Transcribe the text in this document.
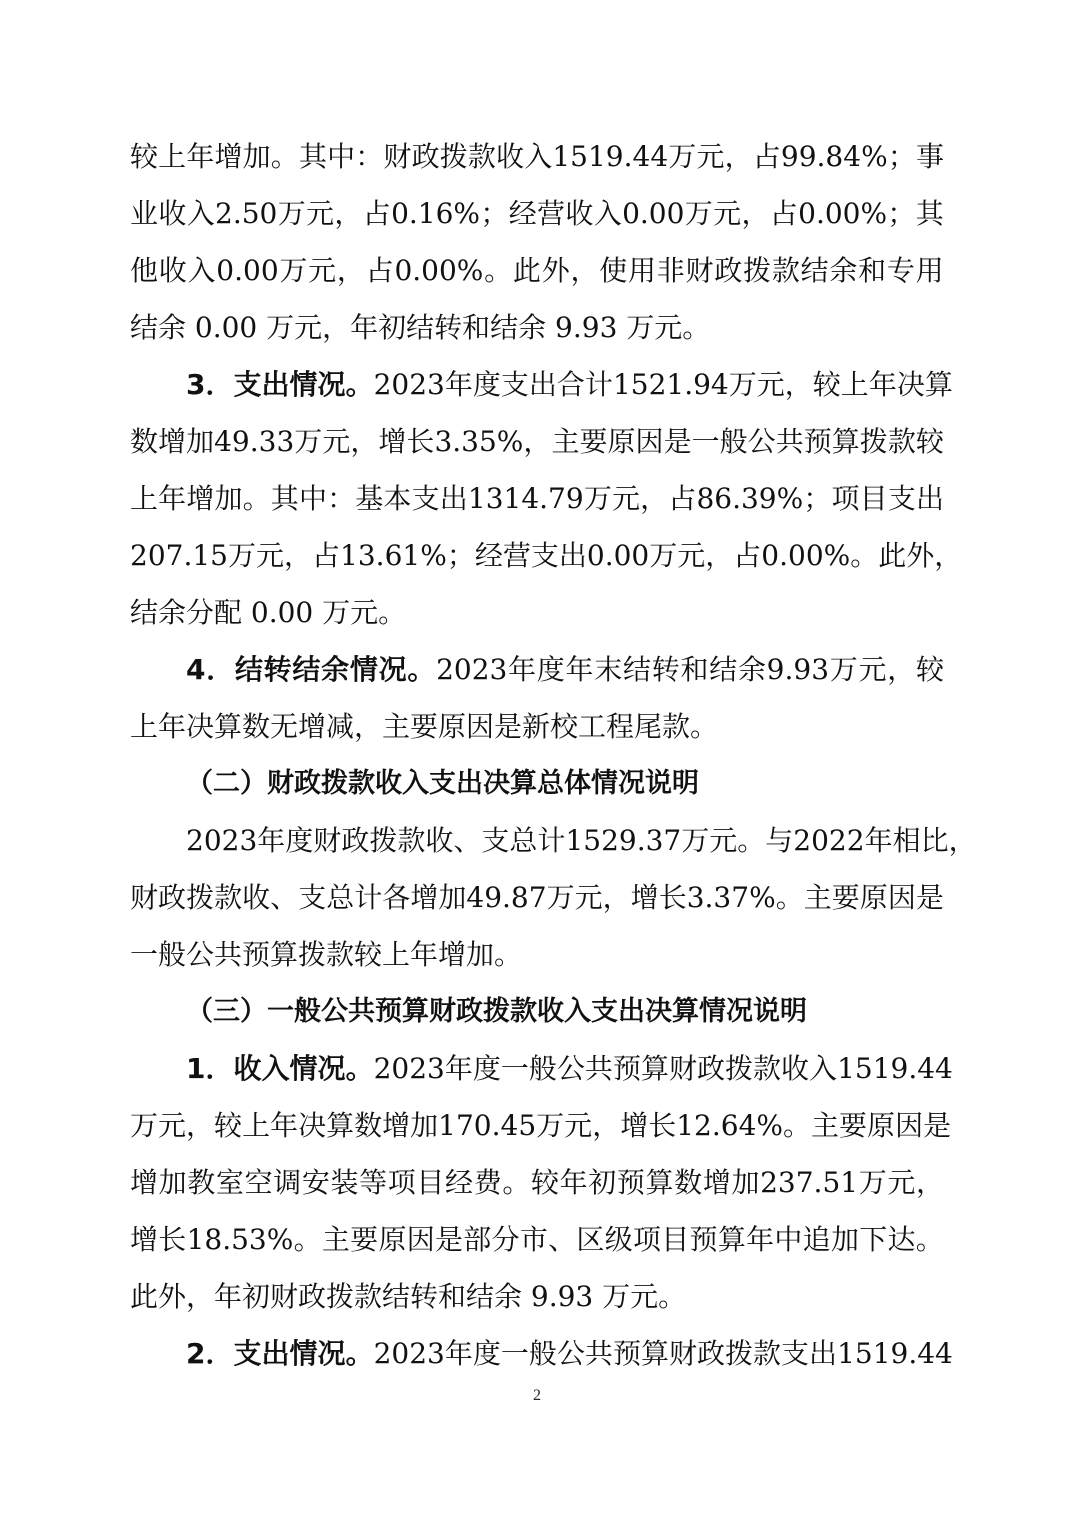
较 上 年 增 加 。 其 中 ： 财 政 拨 款 收 入 1519.44 万 元 ， 占 99.84% ； 事
业 收 入 2.50 万 元 ， 占 0.16% ； 经 营 收 入 0.00 万 元 ， 占 0.00% ； 其
他 收 入 0.00 万 元 ， 占 0.00% 。 此 外 ， 使 用 非 财 政 拨 款 结 余 和 专 用
结余 0.00 万元，年初结转和结余 9.93 万元。
3 ． 支 出 情 况 。 2023 年 度 支 出 合 计 1521.94 万 元 ， 较 上 年 决 算
数 增 加 49.33 万 元 ， 增 长 3.35% ， 主 要 原 因 是 一 般 公 共 预 算 拨 款 较
上 年 增 加 。 其 中 ： 基 本 支 出 1314.79 万 元 ， 占 86.39% ； 项 目 支 出
207.15 万 元 ， 占 13.61% ； 经 营 支 出 0.00 万 元 ， 占 0.00% 。 此 外 ，
结余分配 0.00 万元。
4 ． 结 转 结 余 情 况 。 2023 年 度 年 末 结 转 和 结 余 9.93 万 元 ， 较
上年决算数无增减，主要原因是新校工程尾款。
（二）财政拨款收入支出决算总体情况说明
2023 年 度 财 政 拨 款 收 、 支 总 计 1529.37 万 元 。 与 2022 年 相 比 ，
财 政 拨 款 收 、 支 总 计 各 增 加 49.87 万 元 ， 增 长 3.37% 。 主 要 原 因 是
一般公共预算拨款较上年增加。
（三）一般公共预算财政拨款收入支出决算情况说明
1 ． 收 入 情 况 。 2023 年 度 一 般 公 共 预 算 财 政 拨 款 收 入 1519.44
万 元 ， 较 上 年 决 算 数 增 加 170.45 万 元 ， 增 长 12.64% 。 主 要 原 因 是
增 加 教 室 空 调 安 装 等 项 目 经 费 。 较 年 初 预 算 数 增 加 237.51 万 元 ，
增 长 18.53% 。 主 要 原 因 是 部 分 市 、 区 级 项 目 预 算 年 中 追 加 下 达 。
此外，年初财政拨款结转和结余 9.93 万元。
2 ． 支 出 情 况 。 2023 年 度 一 般 公 共 预 算 财 政 拨 款 支 出 1519.44
2
